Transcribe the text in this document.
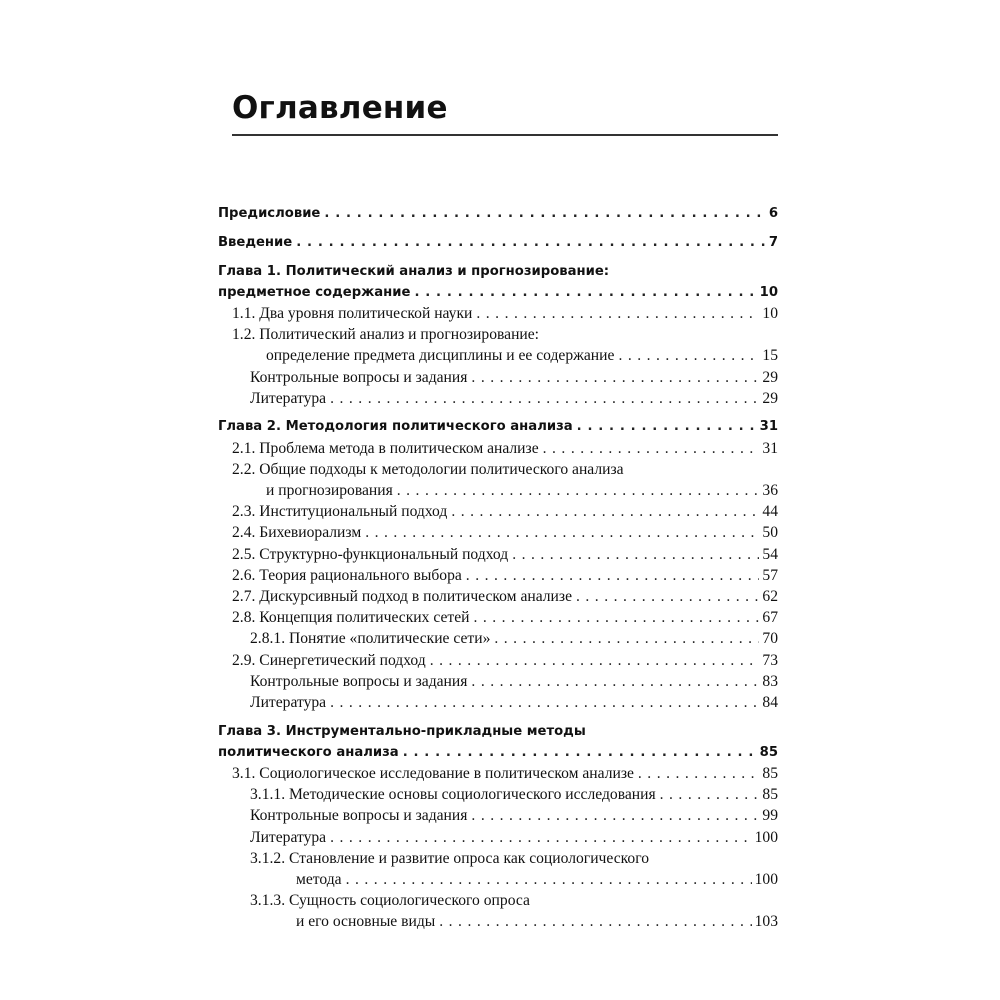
Оглавление
Предисловие . . .	6
Введение . . .	7
Глава 1. Политический анализ и прогнозирование:
предметное содержание . . .	10
1.1. Два уровня политической науки . . .	10
1.2. Политический анализ и прогнозирование:
определение предмета дисциплины и ее содержание . . .	15
Контрольные вопросы и задания . . .	29
Литература . . .	29
Глава 2. Методология политического анализа . . .	31
2.1. Проблема метода в политическом анализе . . .	31
2.2. Общие подходы к методологии политического анализа
и прогнозирования . . .	36
2.3. Институциональный подход . . .	44
2.4. Бихевиорализм . . .	50
2.5. Структурно-функциональный подход . . .	54
2.6. Теория рационального выбора . . .	57
2.7. Дискурсивный подход в политическом анализе . . .	62
2.8. Концепция политических сетей . . .	67
2.8.1. Понятие «политические сети» . . .	70
2.9. Синергетический подход . . .	73
Контрольные вопросы и задания . . .	83
Литература . . .	84
Глава 3. Инструментально-прикладные методы
политического анализа . . .	85
3.1. Социологическое исследование в политическом анализе . . .	85
3.1.1. Методические основы социологического исследования . . .	85
Контрольные вопросы и задания . . .	99
Литература . . .	100
3.1.2. Становление и развитие опроса как социологического
метода . . .	100
3.1.3. Сущность социологического опроса
и его основные виды . . .	103
